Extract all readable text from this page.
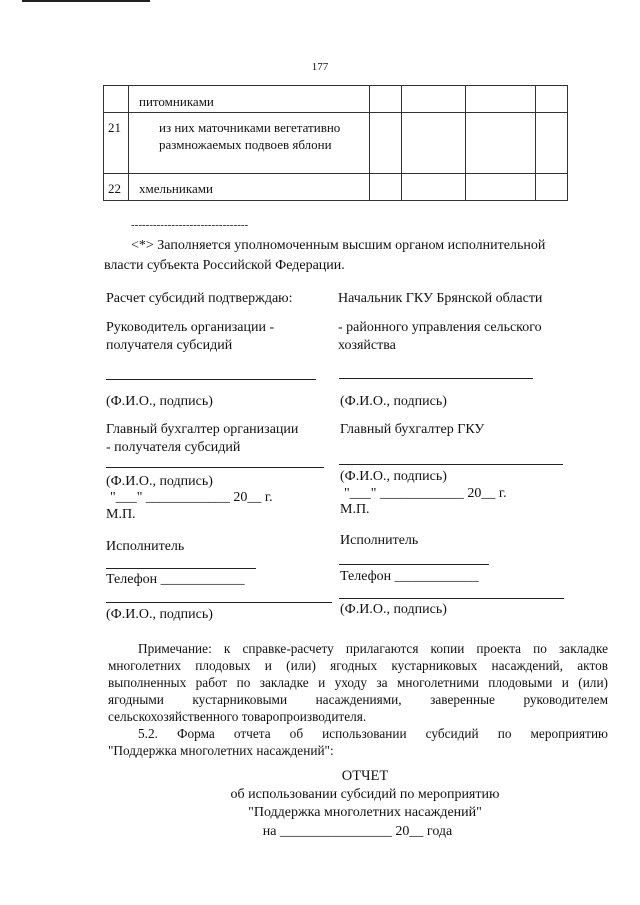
177
	питомниками				
21	из них маточниками вегетативно размножаемых подвоев яблони				
22	хмельниками				
--------------------------------
<*> Заполняется уполномоченным высшим органом исполнительной
власти субъекта Российской Федерации.
Расчет субсидий подтверждаю:
Руководитель организации -
получателя субсидий
(Ф.И.О., подпись)
Главный бухгалтер организации
- получателя субсидий
(Ф.И.О., подпись)
"___" ____________ 20__ г.
М.П.
Исполнитель
Телефон ____________
(Ф.И.О., подпись)
Начальник ГКУ Брянской области
- районного управления сельского
хозяйства
(Ф.И.О., подпись)
Главный бухгалтер ГКУ
(Ф.И.О., подпись)
"___" ____________ 20__ г.
М.П.
Исполнитель
Телефон ____________
(Ф.И.О., подпись)
Примечание: к справке-расчету прилагаются копии проекта по закладке
многолетних плодовых и (или) ягодных кустарниковых насаждений, актов
выполненных работ по закладке и уходу за многолетними плодовыми и (или)
ягодными кустарниковыми насаждениями, заверенные руководителем
сельскохозяйственного товаропроизводителя.
5.2. Форма отчета об использовании субсидий по мероприятию
"Поддержка многолетних насаждений":
ОТЧЕТ
об использовании субсидий по мероприятию
"Поддержка многолетних насаждений"
на ________________ 20__ года
